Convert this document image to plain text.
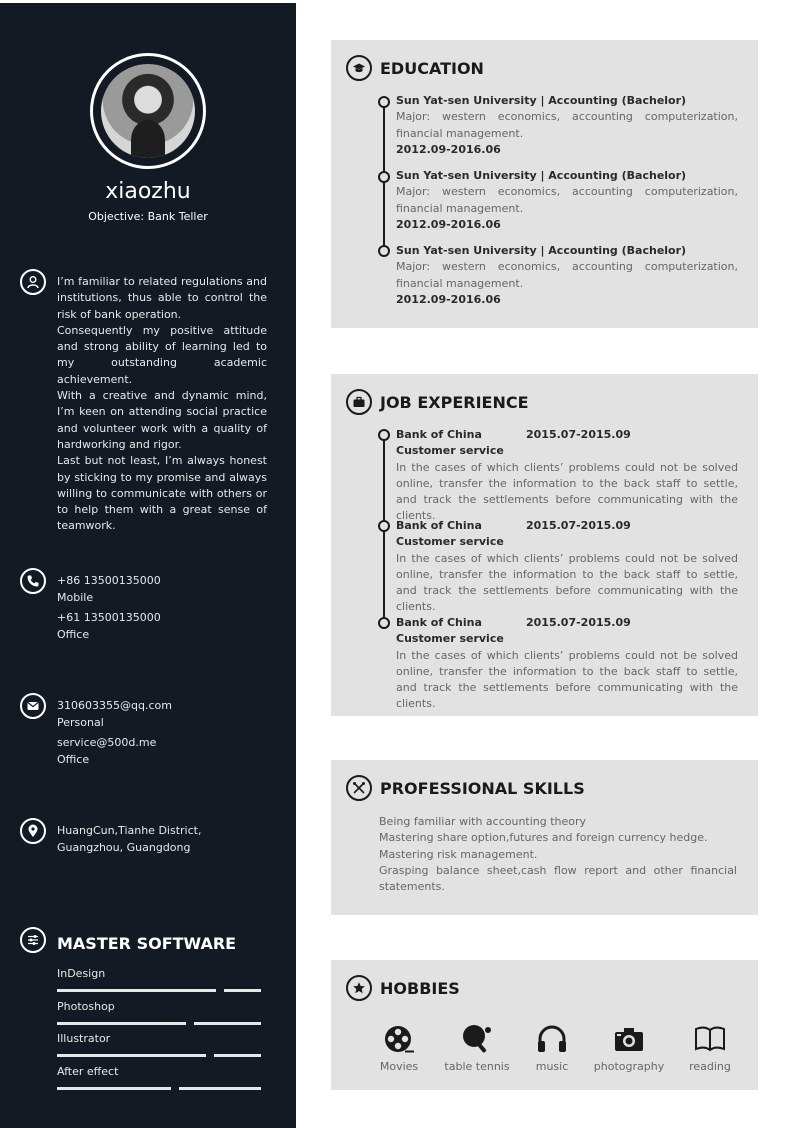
xiaozhu
Objective: Bank Teller

I’m familiar to related regulations and institutions, thus able to control the risk of bank operation.

Consequently my positive attitude and strong ability of learning led to my outstanding academic achievement.

With a creative and dynamic mind, I’m keen on attending social practice and volunteer work with a quality of hardworking and rigor.

Last but not least, I’m always honest by sticking to my promise and always willing to communicate with others or to help them with a great sense of teamwork.

+86 13500135000
Mobile
+61 13500135000
Office
310603355@qq.com
Personal
service@500d.me
Office
HuangCun,Tianhe District, Guangzhou, Guangdong
MASTER SOFTWARE
InDesign
Photoshop
Illustrator
After effect
EDUCATION
Sun Yat-sen University | Accounting (Bachelor)
Major: western economics, accounting computerization, financial management.
2012.09-2016.06
Sun Yat-sen University | Accounting (Bachelor)
Major: western economics, accounting computerization, financial management.
2012.09-2016.06
Sun Yat-sen University | Accounting (Bachelor)
Major: western economics, accounting computerization, financial management.
2012.09-2016.06
JOB EXPERIENCE
Bank of China	2015.07-2015.09
Customer service
In the cases of which clients’ problems could not be solved online, transfer the information to the back staff to settle, and track the settlements before communicating with the clients.
Bank of China	2015.07-2015.09
Customer service
In the cases of which clients’ problems could not be solved online, transfer the information to the back staff to settle, and track the settlements before communicating with the clients.
Bank of China	2015.07-2015.09
Customer service
In the cases of which clients’ problems could not be solved online, transfer the information to the back staff to settle, and track the settlements before communicating with the clients.
PROFESSIONAL SKILLS
Being familiar with accounting theory
Mastering share option,futures and foreign currency hedge.
Mastering risk management.
Grasping balance sheet,cash flow report and other financial statements.
HOBBIES
Movies table tennis music photography reading
